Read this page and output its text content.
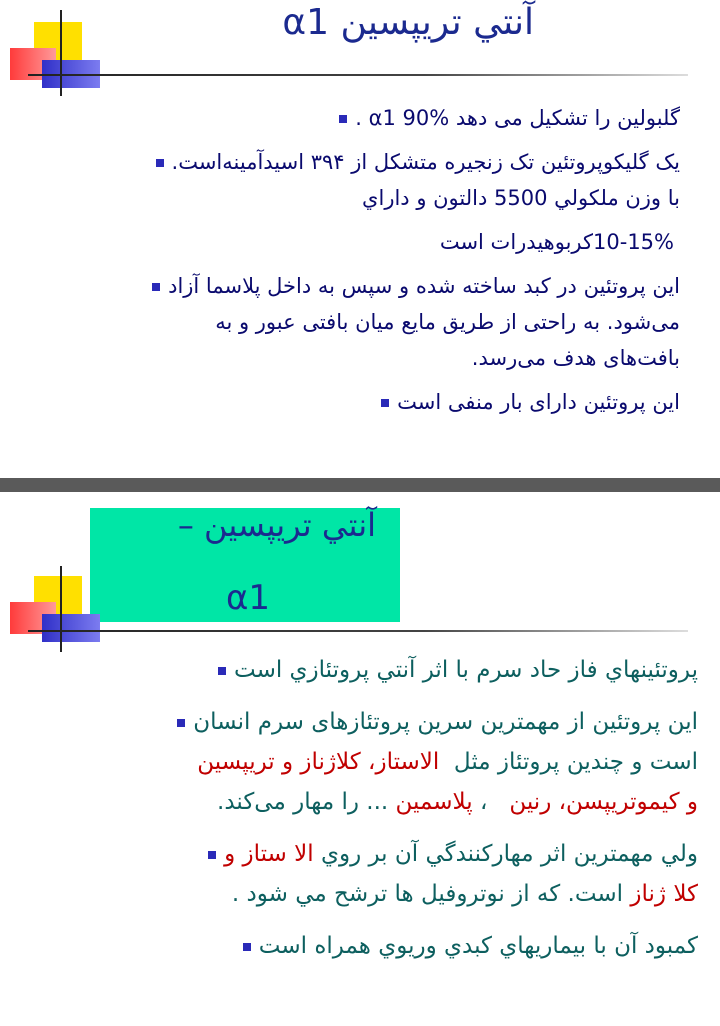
آنتي تريپسين α1
گلبولین را تشکیل می دهد α1 90% .
یک گلیکوپروتئین تک زنجیره متشکل از ۳۹۴ اسیدآمینه‌است.
با وزن ملکولي 5500 دالتون و داراي
10-15%کربوهیدرات است
این پروتئین در کبد ساخته شده و سپس به داخل پلاسما آزاد
می‌شود. به راحتی از طریق مایع میان بافتی عبور و به
بافت‌های هدف می‌رسد.
این پروتئین دارای بار منفی است
آنتي تريپسين –
α1
پروتئينهاي فاز حاد سرم با اثر آنتي پروتئازي است
این پروتئین از مهمترین سرین پروتئازهای سرم انسان
است و چندین پروتئاز مثل  الاستاز، کلاژناز و تریپسین
و کیموتریپسن، رنین   ، پلاسمین ... را مهار می‌کند.
ولي مهمترين اثر مهارکنندگي آن بر روي الا ستاز و
کلا ژناز است. که از نوتروفيل ها ترشح مي شود .
کمبود آن با بيماريهاي کبدي وريوي همراه است
